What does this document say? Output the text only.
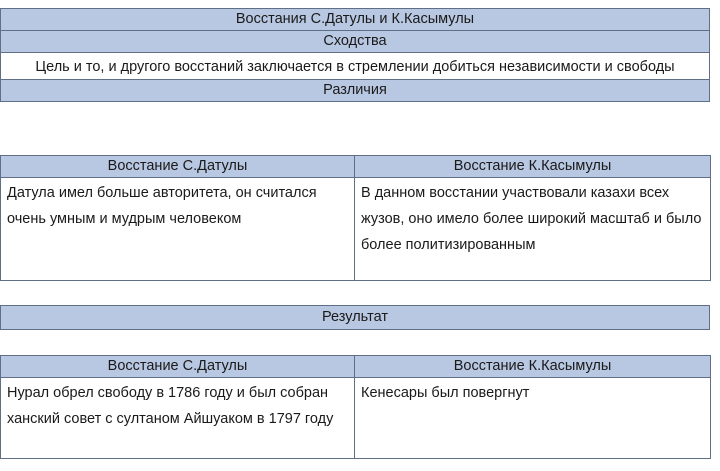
Восстания С.Датулы и К.Касымулы
Сходства
Цель и то, и другого восстаний заключается в стремлении добиться независимости и свободы
Различия
Восстание С.Датулы	Восстание К.Касымулы
Датула имел больше авторитета, он считался очень умным и мудрым человеком	В данном восстании участвовали казахи всех жузов, оно имело более широкий масштаб и было более политизированным
Результат
Восстание С.Датулы	Восстание К.Касымулы
Нурал обрел свободу в 1786 году и был собран ханский совет с султаном Айшуаком в 1797 году	Кенесары был повергнут
